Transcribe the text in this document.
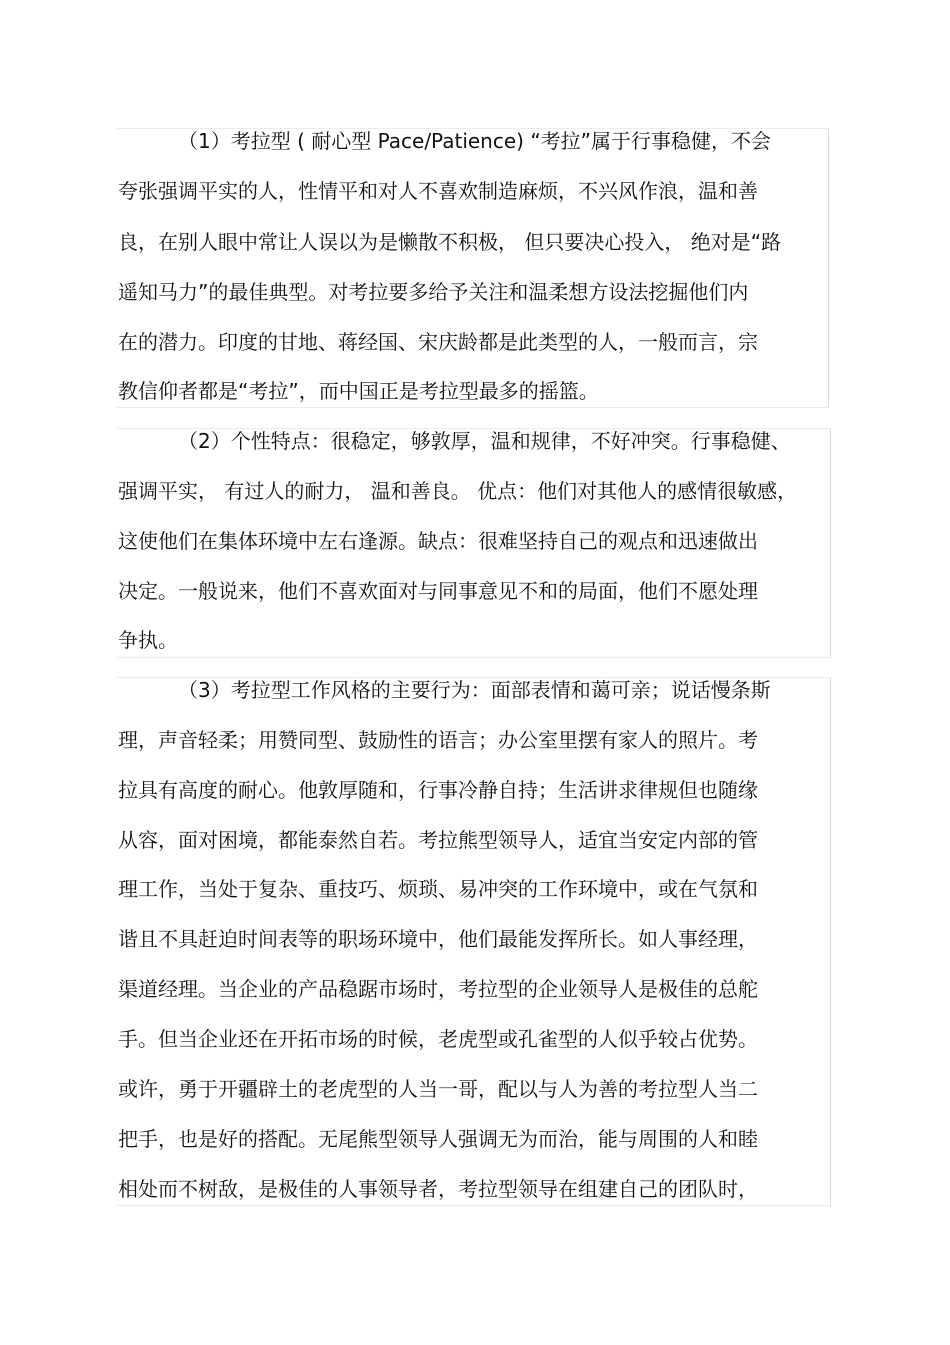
（1）考拉型 ( 耐心型 Pace/Patience) “考拉”属于行事稳健，不会
夸张强调平实的人，性情平和对人不喜欢制造麻烦，不兴风作浪，温和善
良，在别人眼中常让人误以为是懒散不积极， 但只要决心投入， 绝对是“路
遥知马力”的最佳典型。对考拉要多给予关注和温柔想方设法挖掘他们内
在的潜力。印度的甘地、蒋经国、宋庆龄都是此类型的人，一般而言，宗
教信仰者都是“考拉”，而中国正是考拉型最多的摇篮。
（2）个性特点：很稳定，够敦厚，温和规律，不好冲突。行事稳健、
强调平实， 有过人的耐力， 温和善良。 优点：他们对其他人的感情很敏感，
这使他们在集体环境中左右逢源。缺点：很难坚持自己的观点和迅速做出
决定。一般说来，他们不喜欢面对与同事意见不和的局面，他们不愿处理
争执。
（3）考拉型工作风格的主要行为：面部表情和蔼可亲；说话慢条斯
理，声音轻柔；用赞同型、鼓励性的语言；办公室里摆有家人的照片。考
拉具有高度的耐心。他敦厚随和，行事冷静自持；生活讲求律规但也随缘
从容，面对困境，都能泰然自若。考拉熊型领导人，适宜当安定内部的管
理工作，当处于复杂、重技巧、烦琐、易冲突的工作环境中，或在气氛和
谐且不具赶迫时间表等的职场环境中，他们最能发挥所长。如人事经理，
渠道经理。当企业的产品稳踞市场时，考拉型的企业领导人是极佳的总舵
手。但当企业还在开拓市场的时候，老虎型或孔雀型的人似乎较占优势。
或许，勇于开疆辟土的老虎型的人当一哥，配以与人为善的考拉型人当二
把手，也是好的搭配。无尾熊型领导人强调无为而治，能与周围的人和睦
相处而不树敌，是极佳的人事领导者，考拉型领导在组建自己的团队时，
